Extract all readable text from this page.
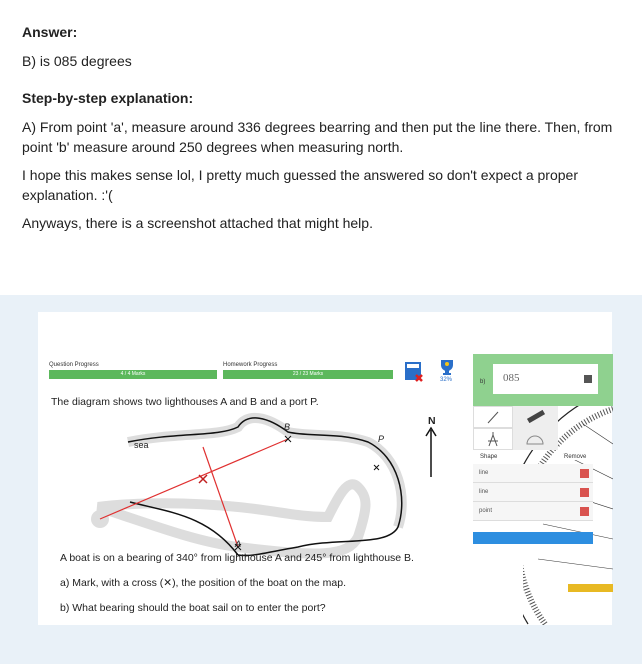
Answer:

B) is 085 degrees

Step-by-step explanation:

A) From point 'a', measure around 336 degrees bearring and then put the line there. Then, from point 'b' measure around 250 degrees when measuring north.

I hope this makes sense lol, I pretty much guessed the answered so don't expect a proper explanation. :'(

Anyways, there is a screenshot attached that might help.

Question Progress
4 / 4 Marks
Homework Progress
23 / 23 Marks
32%
The diagram shows two lighthouses A and B and a port P.
N
sea
B
P
A
A boat is on a bearing of 340° from lighthouse A and 245° from lighthouse B.
a) Mark, with a cross (✕), the position of the boat on the map.
b) What bearing should the boat sail on to enter the port?
b) 085
Shape	Remove
line
line
point
